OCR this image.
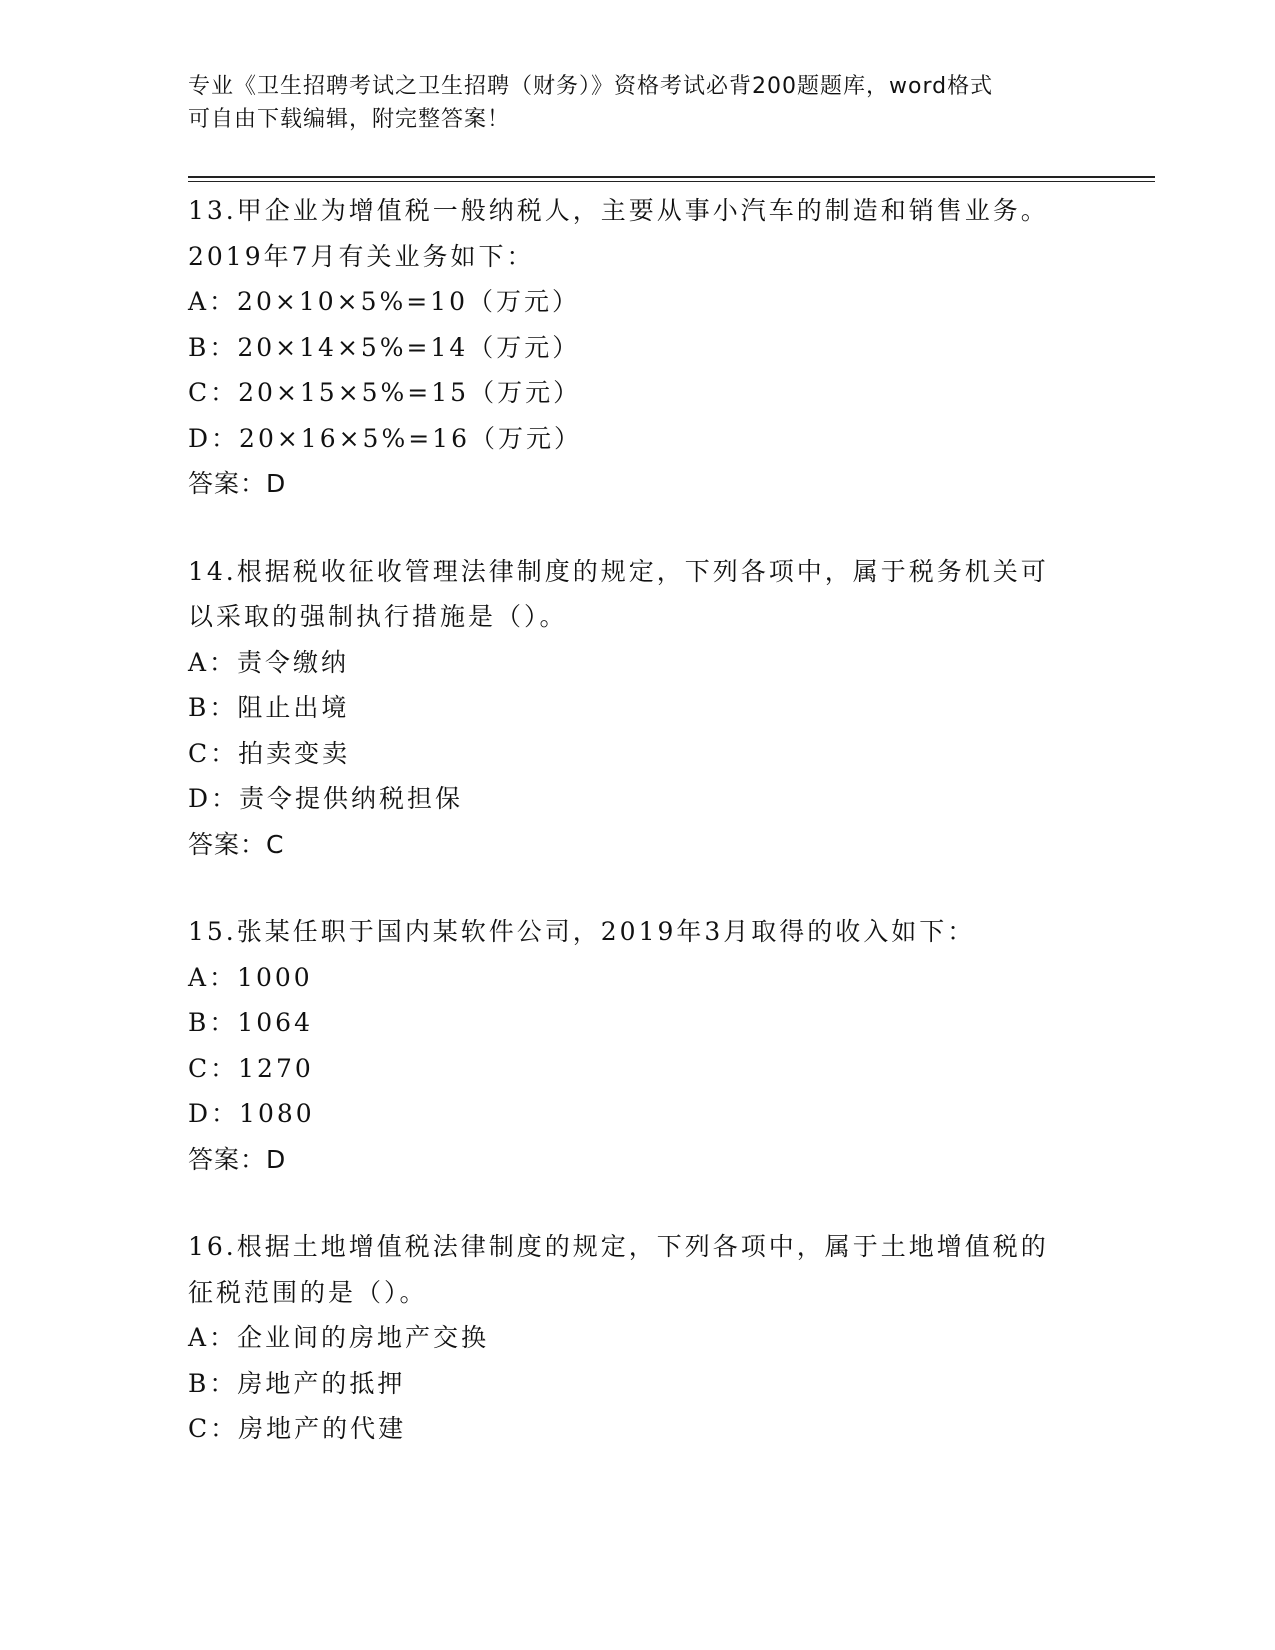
专业《卫生招聘考试之卫生招聘（财务）》资格考试必背200题题库，word格式
可自由下载编辑，附完整答案！
13.甲企业为增值税一般纳税人，主要从事小汽车的制造和销售业务。
2019年7月有关业务如下：
A：20×10×5%=10（万元）
B：20×14×5%=14（万元）
C：20×15×5%=15（万元）
D：20×16×5%=16（万元）
答案：D
14.根据税收征收管理法律制度的规定，下列各项中，属于税务机关可
以采取的强制执行措施是（）。
A：责令缴纳
B：阻止出境
C：拍卖变卖
D：责令提供纳税担保
答案：C
15.张某任职于国内某软件公司，2019年3月取得的收入如下：
A：1000
B：1064
C：1270
D：1080
答案：D
16.根据土地增值税法律制度的规定，下列各项中，属于土地增值税的
征税范围的是（）。
A：企业间的房地产交换
B：房地产的抵押
C：房地产的代建
